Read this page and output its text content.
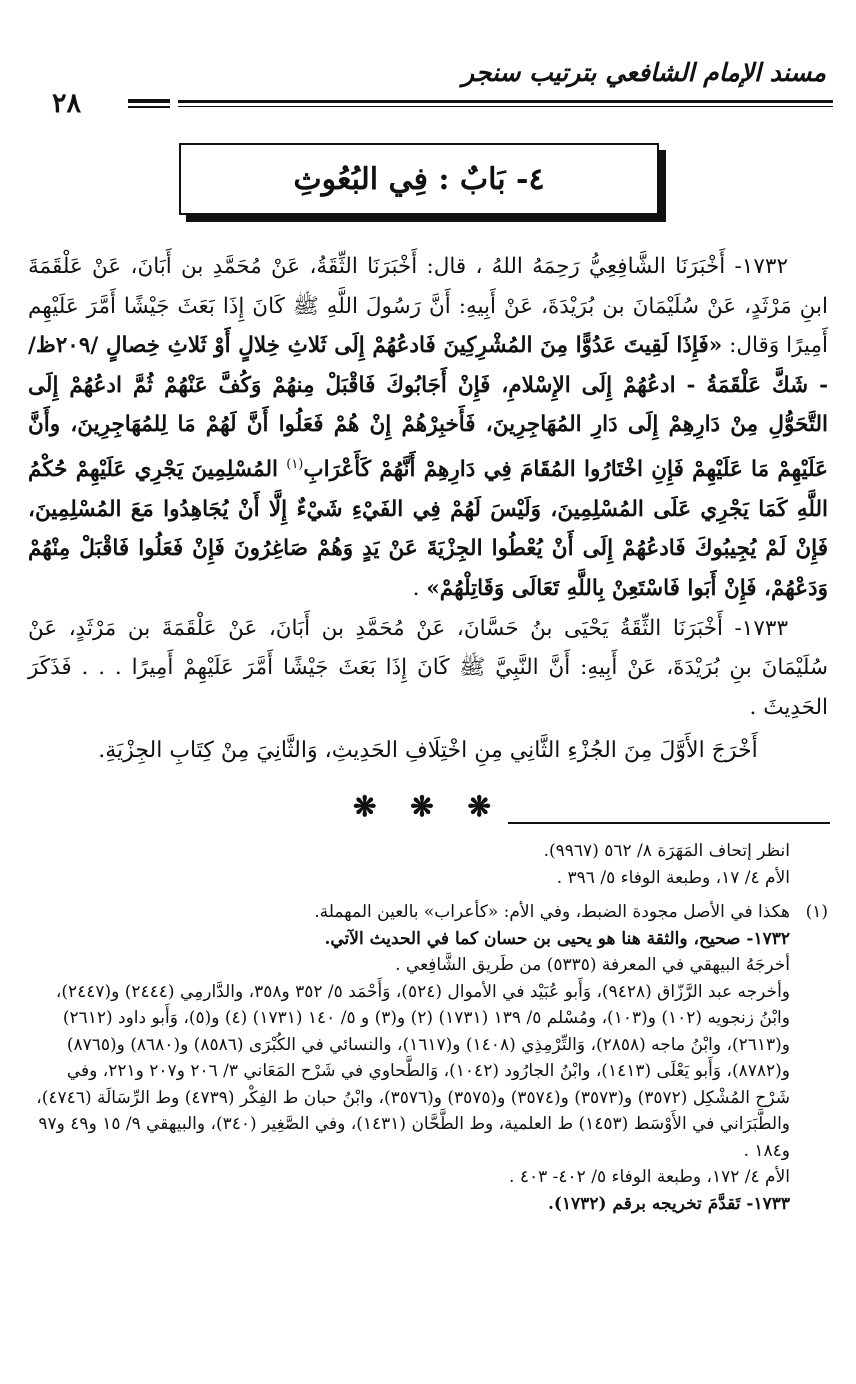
مسند الإمام الشافعي بترتيب سنجر
٢٨
٤- بَابٌ : فِي البُعُوثِ

١٧٣٢- أَخْبَرَنَا الشَّافِعِيُّ رَحِمَهُ اللهُ ، قال: أَخْبَرَنَا الثِّقَةُ، عَنْ مُحَمَّدِ بن أَبَانَ، عَنْ عَلْقَمَةَ ابنِ مَرْثَدٍ، عَنْ سُلَيْمَانَ بن بُرَيْدَةَ، عَنْ أَبِيهِ: أَنَّ رَسُولَ اللَّهِ ﷺ كَانَ إِذَا بَعَثَ جَيْشًا أَمَّرَ عَلَيْهِم أَمِيرًا وَقال: «فَإِذَا لَقِيتَ عَدُوًّا مِنَ المُشْرِكِينَ فَادعُهُمْ إِلَى ثَلاثِ خِلالٍ أَوْ ثَلاثِ خِصالٍ /٢٠٩ظ/ - شَكَّ عَلْقَمَةُ - ادعُهُمْ إِلَى الإِسْلامِ، فَإِنْ أَجَابُوكَ فَاقْبَلْ مِنهُمْ وَكُفَّ عَنْهُمْ ثُمَّ ادعُهُمْ إِلَى التَّحَوُّلِ مِنْ دَارِهِمْ إِلَى دَارِ المُهَاجِرِينَ، فَأَخبِرْهُمْ إِنْ هُمْ فَعَلُوا أَنَّ لَهُمْ مَا لِلمُهَاجِرِينَ، وأَنَّ عَلَيْهِمْ مَا عَلَيْهِمْ فَإِنِ اخْتَارُوا المُقَامَ فِي دَارِهِمْ أَنَّهُمْ كَأَعْرَابِ$^{(١)}$ المُسْلِمِينَ يَجْرِي عَلَيْهِمْ حُكْمُ اللَّهِ كَمَا يَجْرِي عَلَى المُسْلِمِينَ، وَلَيْسَ لَهُمْ فِي الفَيْءِ شَيْءٌ إِلَّا أَنْ يُجَاهِدُوا مَعَ المُسْلِمِينَ، فَإِنْ لَمْ يُجِيبُوكَ فَادعُهُمْ إِلَى أَنْ يُعْطُوا الجِزْيَةَ عَنْ يَدٍ وَهُمْ صَاغِرُونَ فَإِنْ فَعَلُوا فَاقْبَلْ مِنْهُمْ وَدَعْهُمْ، فَإِنْ أَبَوا فَاسْتَعِنْ بِاللَّهِ تَعَالَى وَقَاتِلْهُمْ» .

١٧٣٣- أَخْبَرَنَا الثِّقَةُ يَحْيَى بنُ حَسَّانَ، عَنْ مُحَمَّدِ بن أَبَانَ، عَنْ عَلْقَمَةَ بن مَرْثَدٍ، عَنْ سُلَيْمَانَ بنِ بُرَيْدَةَ، عَنْ أَبِيهِ: أَنَّ النَّبِيَّ ﷺ كَانَ إِذَا بَعَثَ جَيْشًا أَمَّرَ عَلَيْهِمْ أَمِيرًا . . . فَذَكَرَ الحَدِيثَ .

أَخْرَجَ الأَوَّلَ مِنَ الجُزْءِ الثَّانِي مِنِ اخْتِلَافِ الحَدِيثِ، وَالثَّانِيَ مِنْ كِتَابِ الجِزْيَةِ.

❋ ❋ ❋

انظر إتحاف المَهَرَة ٨/ ٥٦٢ (٩٩٦٧).

الأم ٤/ ١٧، وطبعة الوفاء ٥/ ٣٩٦ .

(١)
هكذا في الأصل مجودة الضبط، وفي الأم: «كأعراب» بالعين المهملة.

١٧٣٢- صحيح، والثقة هنا هو يحيى بن حسان كما في الحديث الآتي.

أخرجَهُ البيهقي في المعرفة (٥٣٣٥) من طَريق الشَّافِعي .

وأخرجه عبد الرَّزّاق (٩٤٢٨)، وَأَبو عُبَيْد في الأموال (٥٢٤)، وَأَحْمَد ٥/ ٣٥٢ و٣٥٨، والدَّارمِي (٢٤٤٤) و(٢٤٤٧)، وابْنُ زنجويه (١٠٢) و(١٠٣)، ومُسْلم ٥/ ١٣٩ (١٧٣١) (٢) و(٣) و ٥/ ١٤٠ (١٧٣١) (٤) و(٥)، وَأَبو داود (٢٦١٢) و(٢٦١٣)، وابْنُ ماجه (٢٨٥٨)، وَالتِّرْمِذِي (١٤٠٨) و(١٦١٧)، والنسائي في الكُبْرَى (٨٥٨٦) و(٨٦٨٠) و(٨٧٦٥) و(٨٧٨٢)، وَأَبو يَعْلَى (١٤١٣)، وابْنُ الجارُود (١٠٤٢)، وَالطَّحاوي في شَرْح المَعَاني ٣/ ٢٠٦ و٢٠٧ و٢٢١، وفي شَرْح المُشْكِل (٣٥٧٢) و(٣٥٧٣) و(٣٥٧٤) و(٣٥٧٥) و(٣٥٧٦)، وابْنُ حبان ط الفِكْر (٤٧٣٩) وط الرِّسَالَة (٤٧٤٦)، والطَّبَرَاني في الأَوْسَط (١٤٥٣) ط العلمية، وط الطَّحَّان (١٤٣١)، وفي الصَّغِير (٣٤٠)، والبيهقي ٩/ ١٥ و٤٩ و٩٧ و١٨٤ .

الأم ٤/ ١٧٢، وطبعة الوفاء ٥/ ٤٠٢- ٤٠٣ .

١٧٣٣- تَقدَّمَ تخريجه برقم (١٧٣٢).
